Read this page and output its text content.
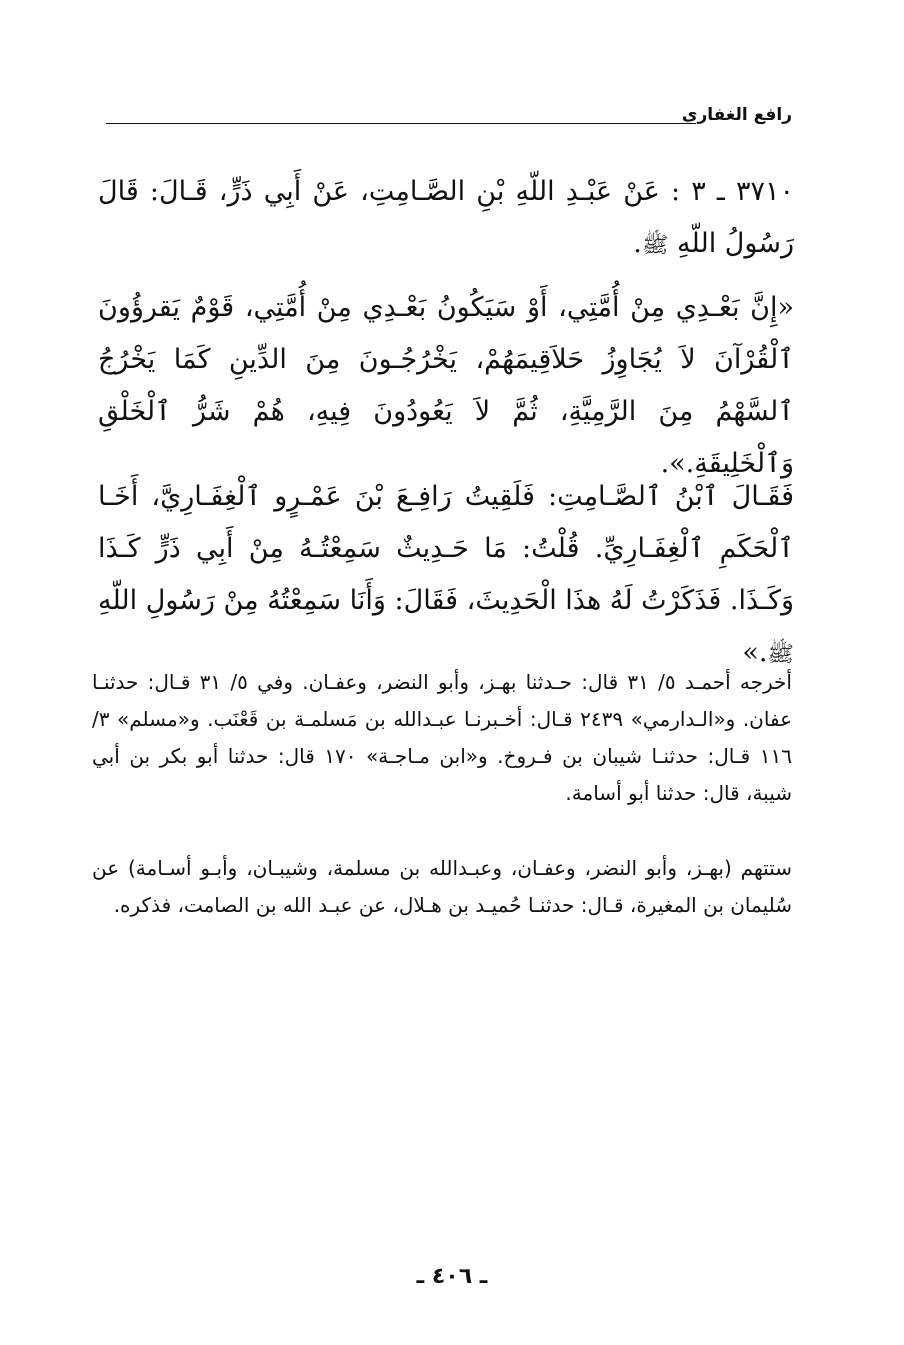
رافع الغفاري

٣٧١٠ ـ ٣ : عَنْ عَبْـدِ اللّهِ بْنِ الصَّـامِتِ، عَنْ أَبِي ذَرٍّ، قَـالَ: قَالَ رَسُولُ اللّهِ ﷺ.

«إِنَّ بَعْـدِي مِنْ أُمَّتِي، أَوْ سَيَكُونُ بَعْـدِي مِنْ أُمَّتِي، قَوْمٌ يَقرؤُونَ ٱلْقُرْآنَ لاَ يُجَاوِزُ حَلاَقِيمَهُمْ، يَخْرُجُـونَ مِنَ الدِّينِ كَمَا يَخْرُجُ ٱلسَّهْمُ مِنَ الرَّمِيَّةِ، ثُمَّ لاَ يَعُودُونَ فِيهِ، هُمْ شَرُّ ٱلْخَلْقِ وَٱلْخَلِيقَةِ.».

فَقَـالَ ٱبْنُ ٱلصَّـامِتِ: فَلَقِيتُ رَافِـعَ بْنَ عَمْـرٍو ٱلْغِفَـارِيَّ، أَخَـا ٱلْحَكَمِ ٱلْغِفَـارِيِّ. قُلْتُ: مَا حَـدِيثٌ سَمِعْتُـهُ مِنْ أَبِي ذَرٍّ كَـذَا وَكَـذَا. فَذَكَرْتُ لَهُ هذَا الْحَدِيثَ، فَقَالَ: وَأَنَا سَمِعْتُهُ مِنْ رَسُولِ اللّهِ ﷺ.»

أخرجه أحمـد ٥/ ٣١ قال: حـدثنا بهـز، وأبو النضر، وعفـان. وفي ٥/ ٣١ قـال: حدثنـا عفان. و«الـدارمي» ٢٤٣٩ قـال: أخـبرنـا عبـدالله بن مَسلمـة بن قَعْنَب. و«مسلم» ٣/ ١١٦ قـال: حدثنـا شيبان بن فـروخ. و«ابن مـاجـة» ١٧٠ قال: حدثنا أبو بكر بن أبي شيبة، قال: حدثنا أبو أسامة.

ستتهم (بهـز، وأبو النضر، وعفـان، وعبـدالله بن مسلمة، وشيبـان، وأبـو أسـامة) عن سُليمان بن المغيرة، قـال: حدثنـا حُميـد بن هـلال، عن عبـد الله بن الصامت، فذكره.

ـ ٤٠٦ ـ
